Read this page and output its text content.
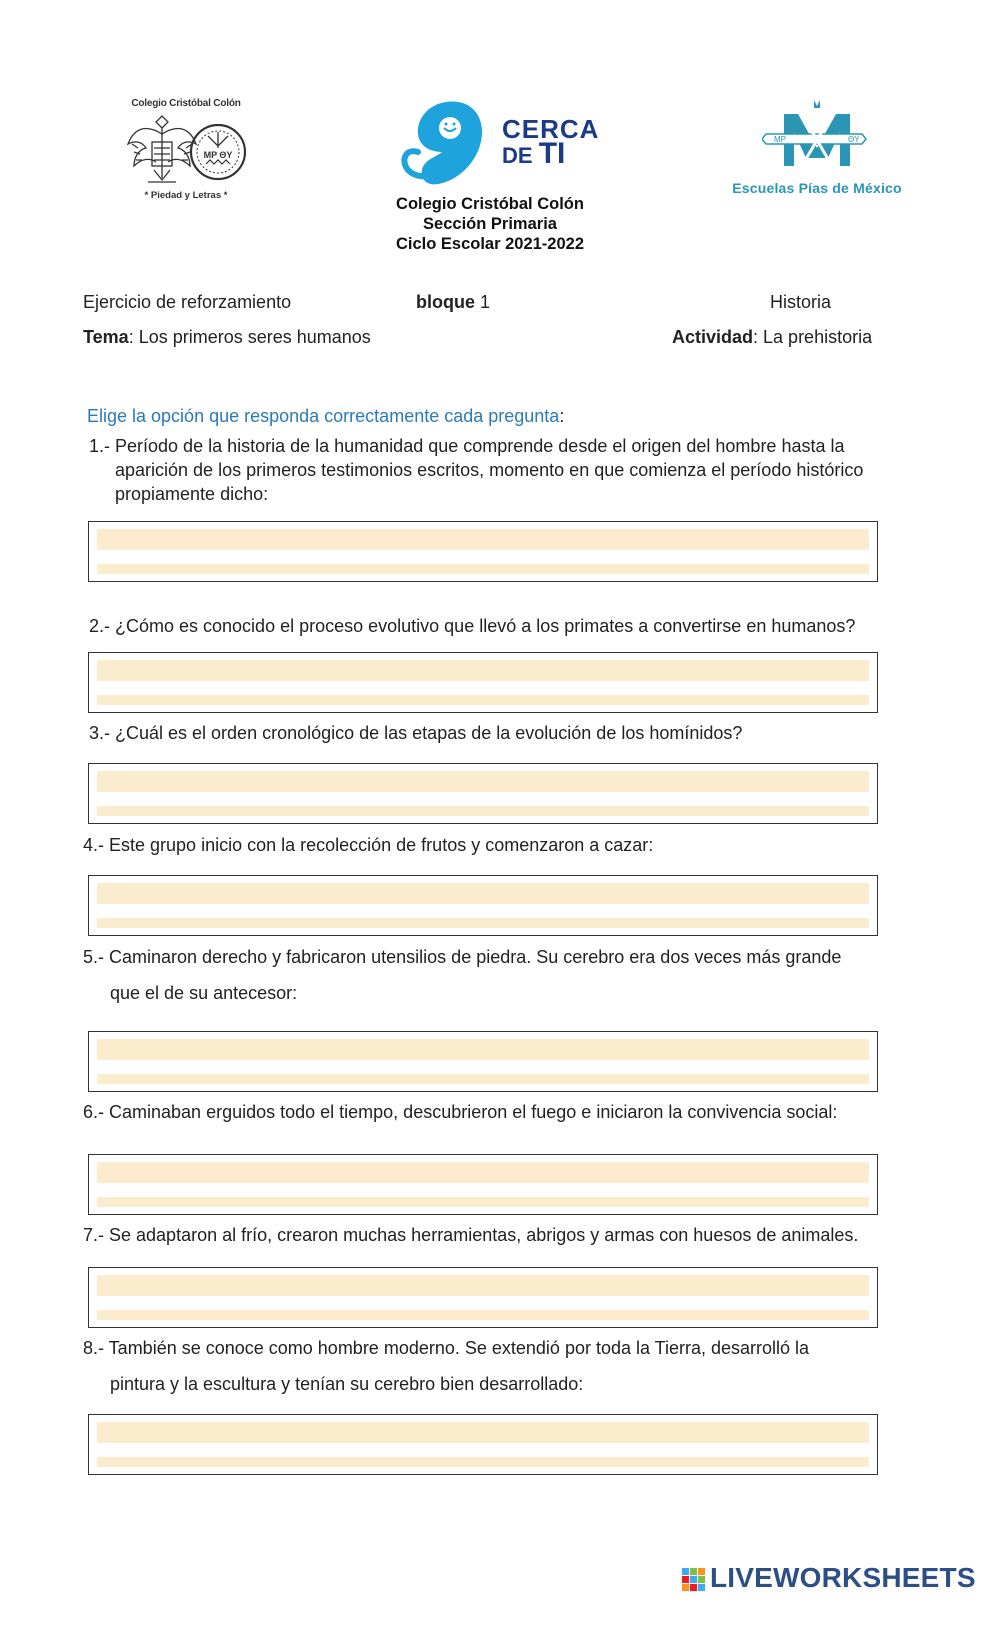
Colegio Cristóbal Colón
MP ΘY
* Piedad y Letras *
CERCA
DE TI	MP	ΘY
Escuelas Pías de México
Colegio Cristóbal Colón
Sección Primaria
Ciclo Escolar 2021-2022
Ejercicio de reforzamiento	bloque 1	Historia
Tema: Los primeros seres humanos	Actividad: La prehistoria
Elige la opción que responda correctamente cada pregunta:
1.- Período de la historia de la humanidad que comprende desde el origen del hombre hasta la
aparición de los primeros testimonios escritos, momento en que comienza el período histórico
propiamente dicho:
2.- ¿Cómo es conocido el proceso evolutivo que llevó a los primates a convertirse en humanos?
3.- ¿Cuál es el orden cronológico de las etapas de la evolución de los homínidos?
4.- Este grupo inicio con la recolección de frutos y comenzaron a cazar:
5.- Caminaron derecho y fabricaron utensilios de piedra. Su cerebro era dos veces más grande
que el de su antecesor:
6.- Caminaban erguidos todo el tiempo, descubrieron el fuego e iniciaron la convivencia social:
7.- Se adaptaron al frío, crearon muchas herramientas, abrigos y armas con huesos de animales.
8.- También se conoce como hombre moderno. Se extendió por toda la Tierra, desarrolló la
pintura y la escultura y tenían su cerebro bien desarrollado:
LIVEWORKSHEETS
